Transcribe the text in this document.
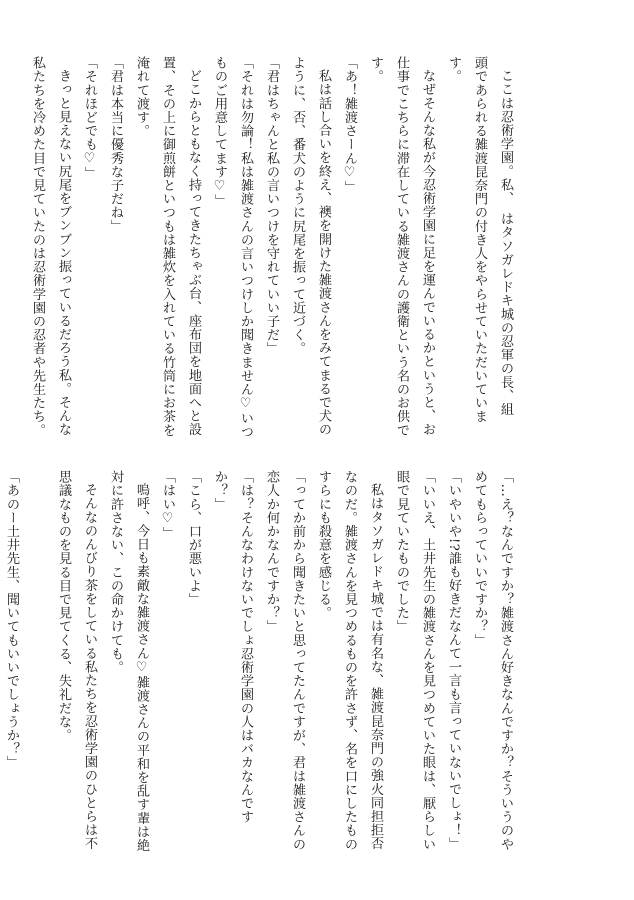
ここは忍術学園。私、　はタソガレドキ城の忍軍の長、組
頭であられる雑渡昆奈門の付き人をやらせていただいていま
す。
なぜそんな私が今忍術学園に足を運んでいるかというと、お
仕事でこちらに滞在している雑渡さんの護衛という名のお供で
す。
「あ！雑渡さーん♡」
私は話し合いを終え、襖を開けた雑渡さんをみてまるで犬の
ように、否、番犬のように尻尾を振って近づく。
「君はちゃんと私の言いつけを守れていい子だ」
「それは勿論！私は雑渡さんの言いつけしか聞きません♡いつ
ものご用意してます♡」
どこからともなく持ってきたちゃぶ台、座布団を地面へと設
置、その上に御煎餅といつもは雑炊を入れている竹筒にお茶を
淹れて渡す。
「君は本当に優秀な子だね」
「それほどでも♡」
きっと見えない尻尾をブンブン振っているだろう私。そんな
私たちを冷めた目で見ていたのは忍術学園の忍者や先生たち。
「…え？なんですか？雑渡さん好きなんですか？そういうのや
めてもらっていいですか？」
「いやいや!?誰も好きだなんて一言も言っていないでしょ！」
「いいえ、土井先生の雑渡さんを見つめていた眼は、厭らしい
眼で見ていたものでした」
私はタソガレドキ城では有名な、雑渡昆奈門の強火同担拒否
なのだ。雑渡さんを見つめるものを許さず、名を口にしたもの
すらにも殺意を感じる。
「ってか前から聞きたいと思ってたんですが、君は雑渡さんの
恋人か何かなんですか？」
「は？そんなわけないでしょ忍術学園の人はバカなんです
か？」
「こら、口が悪いよ」
「はい♡」
嗚呼、今日も素敵な雑渡さん♡雑渡さんの平和を乱す輩は絶
対に許さない、この命かけても。
そんなのんびり茶をしている私たちを忍術学園のひとらは不
思議なものを見る目で見てくる、失礼だな。
「あのー土井先生、聞いてもいいでしょうか？」
